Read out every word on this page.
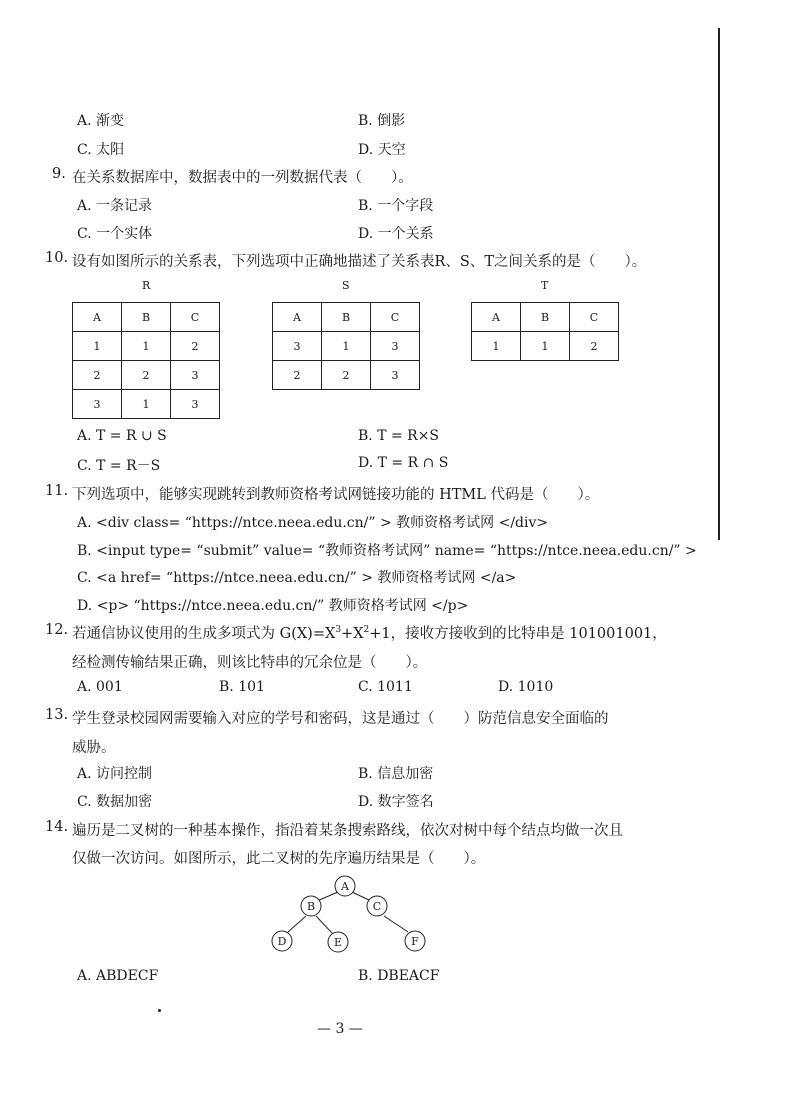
A. 渐变	B. 倒影
C. 太阳	D. 天空
9. 在关系数据库中，数据表中的一列数据代表（　　）。
A. 一条记录	B. 一个字段
C. 一个实体	D. 一个关系
10. 设有如图所示的关系表，下列选项中正确地描述了关系表R、S、T之间关系的是（　　）。
R	S	T
A	B	C
1	1	2
2	2	3
3	1	3
A	B	C
3	1	3
2	2	3
A	B	C
1	1	2
A. T = R ∪ S	B. T = R×S
C. T = R－S	D. T = R ∩ S
11. 下列选项中，能够实现跳转到教师资格考试网链接功能的 HTML 代码是（　　）。
A. <div class= “https://ntce.neea.edu.cn/” > 教师资格考试网 </div>
B. <input type= “submit” value= “教师资格考试网” name= “https://ntce.neea.edu.cn/” >
C. <a href= “https://ntce.neea.edu.cn/” > 教师资格考试网 </a>
D. <p> “https://ntce.neea.edu.cn/” 教师资格考试网 </p>
12. 若通信协议使用的生成多项式为 $G(X)=X^3+X^2+1$，接收方接收到的比特串是 101001001，
经检测传输结果正确，则该比特串的冗余位是（　　）。
A. 001	B. 101	C. 1011	D. 1010
13. 学生登录校园网需要输入对应的学号和密码，这是通过（　　）防范信息安全面临的
威胁。
A. 访问控制	B. 信息加密
C. 数据加密	D. 数字签名
14. 遍历是二叉树的一种基本操作，指沿着某条搜索路线，依次对树中每个结点均做一次且
仅做一次访问。如图所示，此二叉树的先序遍历结果是（　　）。
A
B	C
D	E	F
A. ABDECF	B. DBEACF
— 3 —
